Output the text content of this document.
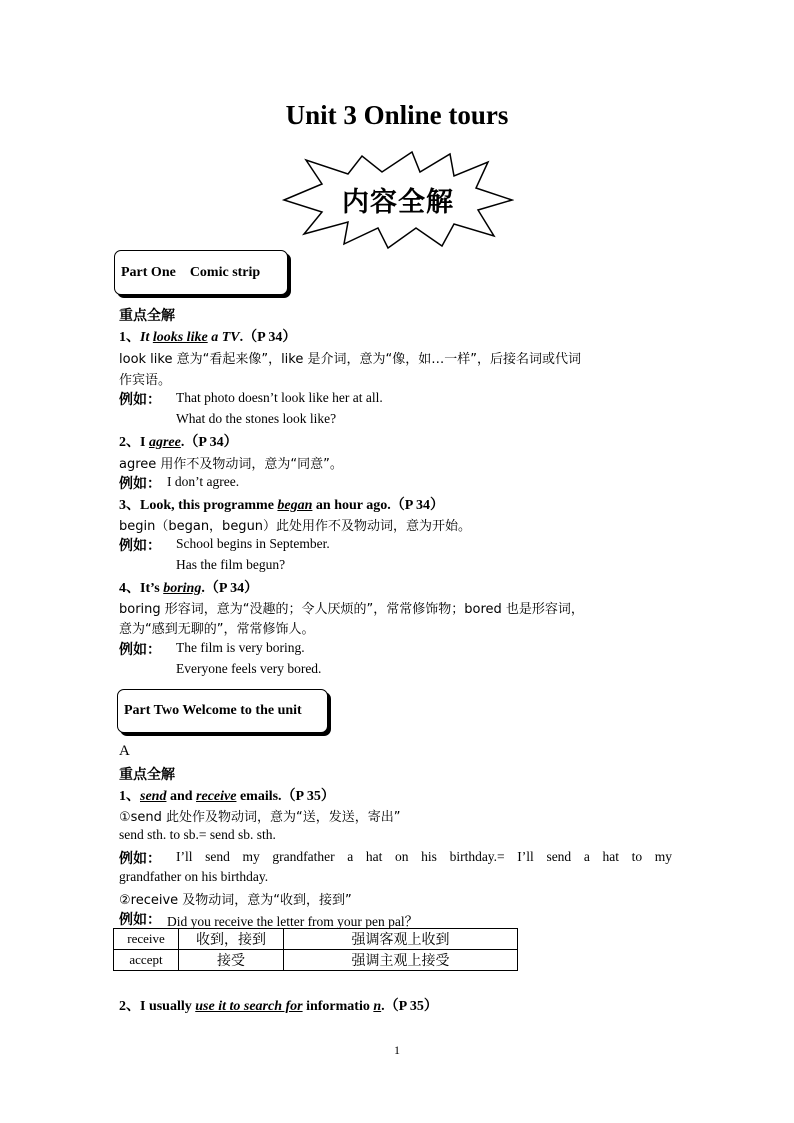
Unit 3 Online tours
内容全解
Part One    Comic strip
重点全解
1、It looks like a TV.（P 34）
look like 意为“看起来像”，like 是介词，意为“像，如…一样”，后接名词或代词
作宾语。
例如： That photo doesn’t look like her at all.
What do the stones look like?
2、I agree.（P 34）
agree 用作不及物动词，意为“同意”。
例如： I don’t agree.
3、Look, this programme began an hour ago.（P 34）
begin（began，begun）此处用作不及物动词，意为开始。
例如： School begins in September.
Has the film begun?
4、It’s boring.（P 34）
boring 形容词，意为“没趣的；令人厌烦的”，常常修饰物；bored 也是形容词，
意为“感到无聊的”，常常修饰人。
例如： The film is very boring.
Everyone feels very bored.
Part Two Welcome to the unit
A
重点全解
1、send and receive emails.（P 35）
①send 此处作及物动词，意为“送，发送，寄出”
send sth. to sb.= send sb. sth.
例如： I’ll send my grandfather a hat on his birthday.= I’ll send a hat to my
grandfather on his birthday.
②receive 及物动词，意为“收到，接到”
例如： Did you receive the letter from your pen pal？
receive	收到，接到	强调客观上收到
accept	接受	强调主观上接受
2、I usually use it to search for informatio n.（P 35）
1
